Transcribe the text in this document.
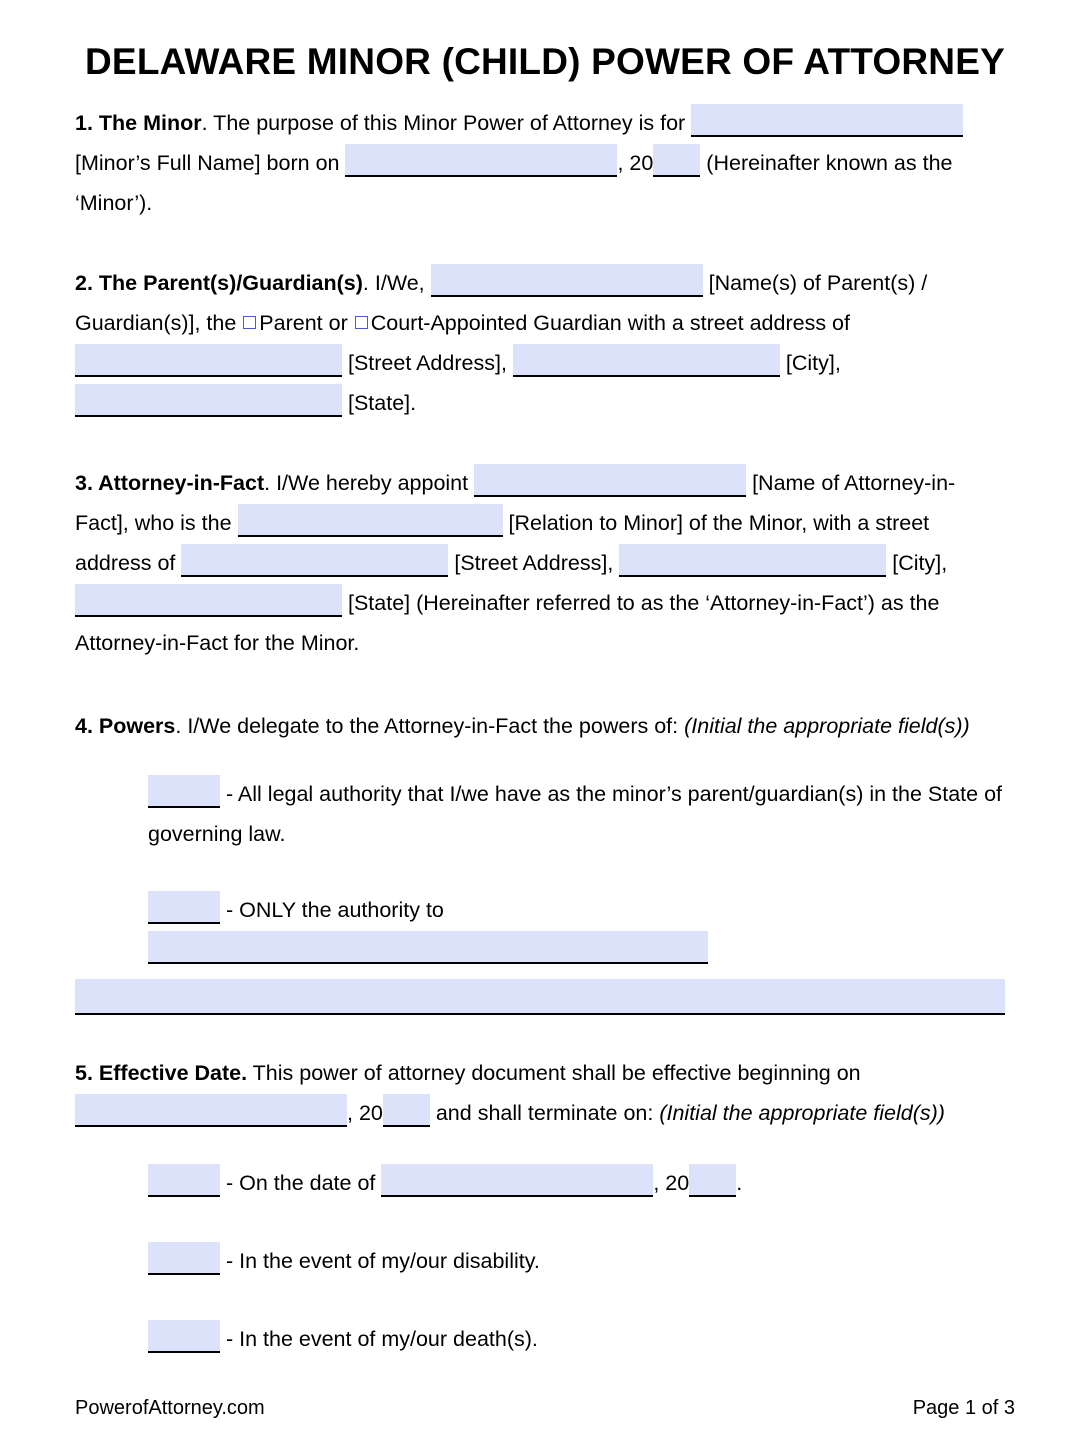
DELAWARE MINOR (CHILD) POWER OF ATTORNEY

1. The Minor. The purpose of this Minor Power of Attorney is for  [Minor’s Full Name] born on	, 20 (Hereinafter known as the ‘Minor’).

2. The Parent(s)/Guardian(s). I/We,	[Name(s) of Parent(s) / Guardian(s)], the Parent or Court-Appointed Guardian with a street address of  [Street Address],	[City],  [State].

3. Attorney-in-Fact. I/We hereby appoint	[Name of Attorney-in-Fact], who is the	[Relation to Minor] of the Minor, with a street address of	[Street Address],	[City],  [State] (Hereinafter referred to as the ‘Attorney-in-Fact’) as the Attorney-in-Fact for the Minor.

4. Powers. I/We delegate to the Attorney-in-Fact the powers of: (Initial the appropriate field(s))

- All legal authority that I/we have as the minor’s parent/guardian(s) in the State of governing law.

- ONLY the authority to

5. Effective Date. This power of attorney document shall be effective beginning on , 20 and shall terminate on: (Initial the appropriate field(s))

- On the date of	, 20 .

- In the event of my/our disability.

- In the event of my/our death(s).

PowerofAttorney.com	Page 1 of 3
